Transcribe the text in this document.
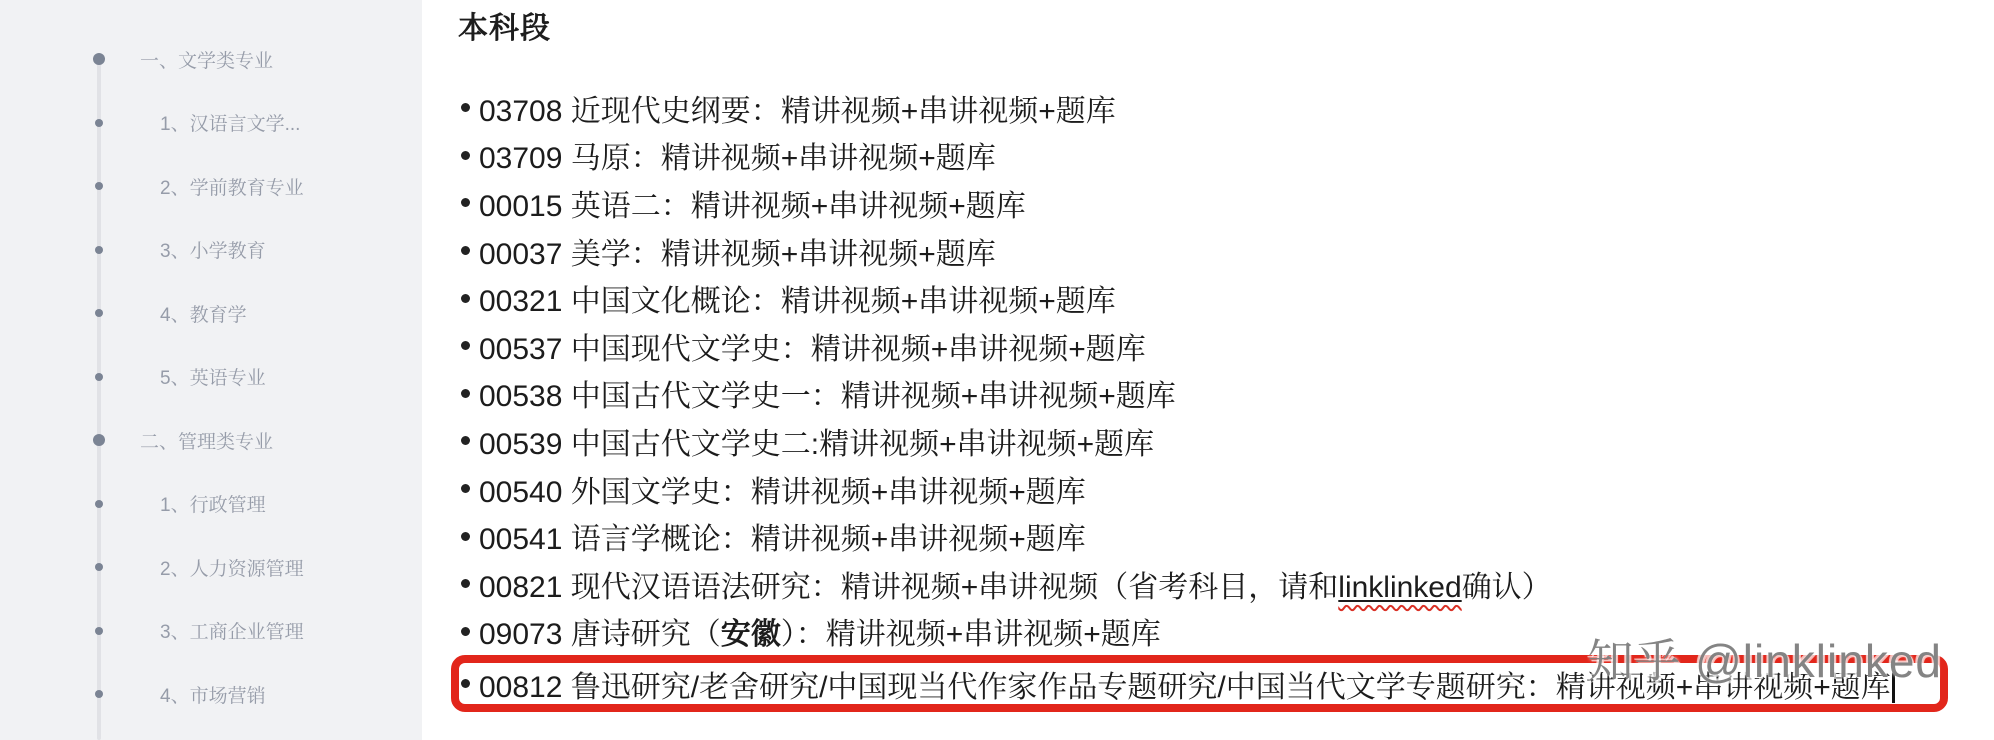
一、文学类专业
1、汉语言文学...
2、学前教育专业
3、小学教育
4、教育学
5、英语专业
二、管理类专业
1、行政管理
2、人力资源管理
3、工商企业管理
4、市场营销
本科段
03708 近现代史纲要：精讲视频+串讲视频+题库
03709 马原：精讲视频+串讲视频+题库
00015 英语二：精讲视频+串讲视频+题库
00037 美学：精讲视频+串讲视频+题库
00321 中国文化概论：精讲视频+串讲视频+题库
00537 中国现代文学史：精讲视频+串讲视频+题库
00538 中国古代文学史一：精讲视频+串讲视频+题库
00539 中国古代文学史二:精讲视频+串讲视频+题库
00540 外国文学史：精讲视频+串讲视频+题库
00541 语言学概论：精讲视频+串讲视频+题库
00821 现代汉语语法研究：精讲视频+串讲视频（省考科目，请和linklinked确认）
09073 唐诗研究（安徽）：精讲视频+串讲视频+题库
00812 鲁迅研究/老舍研究/中国现当代作家作品专题研究/中国当代文学专题研究：精讲视频+串讲视频+题库
知乎 @linklinked
